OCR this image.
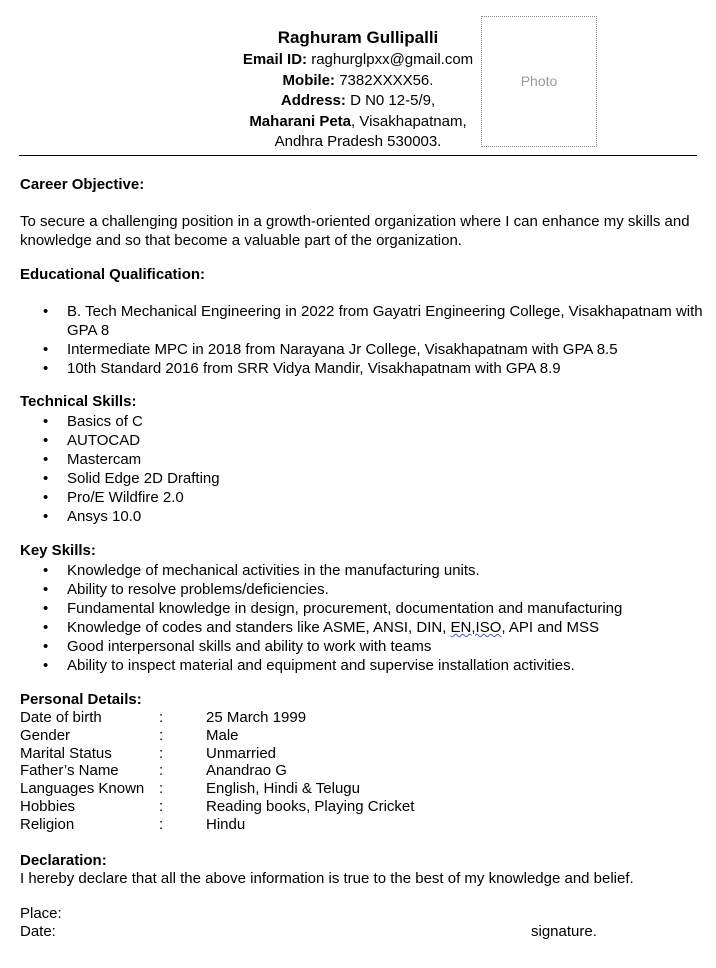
Raghuram Gullipalli
Email ID: raghurglpxx@gmail.com
Mobile: 7382XXXX56.
Address: D N0 12-5/9,
Maharani Peta, Visakhapatnam,
Andhra Pradesh 530003.
Photo
Career Objective:
To secure a challenging position in a growth-oriented organization where I can enhance my skills and knowledge and so that become a valuable part of the organization.
Educational Qualification:
• B. Tech Mechanical Engineering in 2022 from Gayatri Engineering College, Visakhapatnam with GPA 8
• Intermediate MPC in 2018 from Narayana Jr College, Visakhapatnam with GPA 8.5
• 10th Standard 2016 from SRR Vidya Mandir, Visakhapatnam with GPA 8.9
Technical Skills:
• Basics of C
• AUTOCAD
• Mastercam
• Solid Edge 2D Drafting
• Pro/E Wildfire 2.0
• Ansys 10.0
Key Skills:
• Knowledge of mechanical activities in the manufacturing units.
• Ability to resolve problems/deficiencies.
• Fundamental knowledge in design, procurement, documentation and manufacturing
• Knowledge of codes and standers like ASME, ANSI, DIN, EN,ISO, API and MSS
• Good interpersonal skills and ability to work with teams
• Ability to inspect material and equipment and supervise installation activities.
Personal Details:
Date of birth	:	25 March 1999
Gender	:	Male
Marital Status	:	Unmarried
Father’s Name	:	Anandrao G
Languages Known :	English, Hindi & Telugu
Hobbies	:	Reading books, Playing Cricket
Religion	:	Hindu
Declaration:
I hereby declare that all the above information is true to the best of my knowledge and belief.
Place:
Date:	signature.
